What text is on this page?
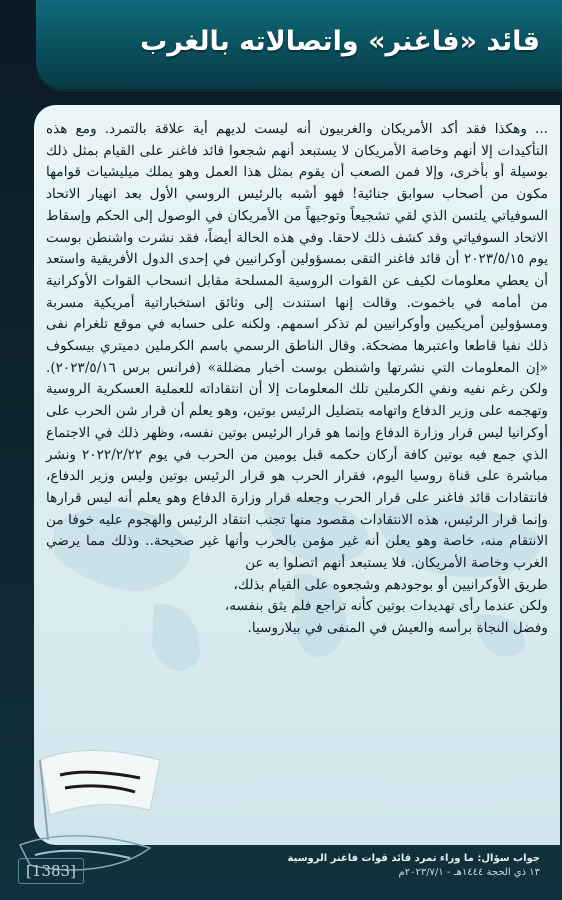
قائد «فاغنر» واتصالاته بالغرب

... وهكذا فقد أكد الأمريكان والغربيون أنه ليست لديهم أية علاقة بالتمرد. ومع هذه التأكيدات إلا أنهم وخاصة الأمريكان لا يستبعد أنهم شجعوا قائد فاغنر على القيام بمثل ذلك بوسيلة أو بأخرى، وإلا فمن الصعب أن يقوم بمثل هذا العمل وهو يملك ميليشيات قوامها مكون من أصحاب سوابق جنائية! فهو أشبه بالرئيس الروسي الأول بعد انهيار الاتحاد السوفياتي يلتسن الذي لقي تشجيعاً وتوجيهاً من الأمريكان في الوصول إلى الحكم وإسقاط الاتحاد السوفياتي وقد كشف ذلك لاحقا. وفي هذه الحالة أيضاً، فقد نشرت واشنطن بوست يوم ٢٠٢٣/٥/١٥ أن قائد فاغنر التقى بمسؤولين أوكرانيين في إحدى الدول الأفريقية واستعد أن يعطي معلومات لكيف عن القوات الروسية المسلحة مقابل انسحاب القوات الأوكرانية من أمامه في باخموت. وقالت إنها استندت إلى وثائق استخباراتية أمريكية مسربة ومسؤولين أمريكيين وأوكرانيين لم تذكر اسمهم. ولكنه على حسابه في موقع تلغرام نفى ذلك نفيا قاطعا واعتبرها مضحكة. وقال الناطق الرسمي باسم الكرملين دميتري بيسكوف «إن المعلومات التي نشرتها واشنطن بوست أخبار مضللة» (فرانس برس ٢٠٢٣/٥/١٦). ولكن رغم نفيه ونفي الكرملين تلك المعلومات إلا أن انتقاداته للعملية العسكرية الروسية وتهجمه على وزير الدفاع واتهامه بتضليل الرئيس بوتين، وهو يعلم أن قرار شن الحرب على أوكرانيا ليس قرار وزارة الدفاع وإنما هو قرار الرئيس بوتين نفسه، وظهر ذلك في الاجتماع الذي جمع فيه بوتين كافة أركان حكمه قبل يومين من الحرب في يوم ٢٠٢٢/٢/٢٢ ونشر مباشرة على قناة روسيا اليوم، فقرار الحرب هو قرار الرئيس بوتين وليس وزير الدفاع، فانتقادات قائد فاغنر على قرار الحرب وجعله قرار وزارة الدفاع وهو يعلم أنه ليس قرارها وإنما قرار الرئيس، هذه الانتقادات مقصود منها تجنب انتقاد الرئيس والهجوم عليه خوفا من الانتقام منه، خاصة وهو يعلن أنه غير مؤمن بالحرب وأنها غير صحيحة.. وذلك مما يرضي الغرب وخاصة الأمريكان. فلا يستبعد أنهم اتصلوا به عن

طريق الأوكرانيين أو بوجودهم وشجعوه على القيام بذلك،

ولكن عندما رأى تهديدات بوتين كأنه تراجع فلم يثق بنفسه،

وفضل النجاة برأسه والعيش في المنفى في بيلاروسيا.

[1383]
جواب سؤال: ما وراء تمرد قائد قوات فاغنر الروسية
١٣ ذي الحجة ١٤٤٤هـ - ٢٠٢٣/٧/١م
